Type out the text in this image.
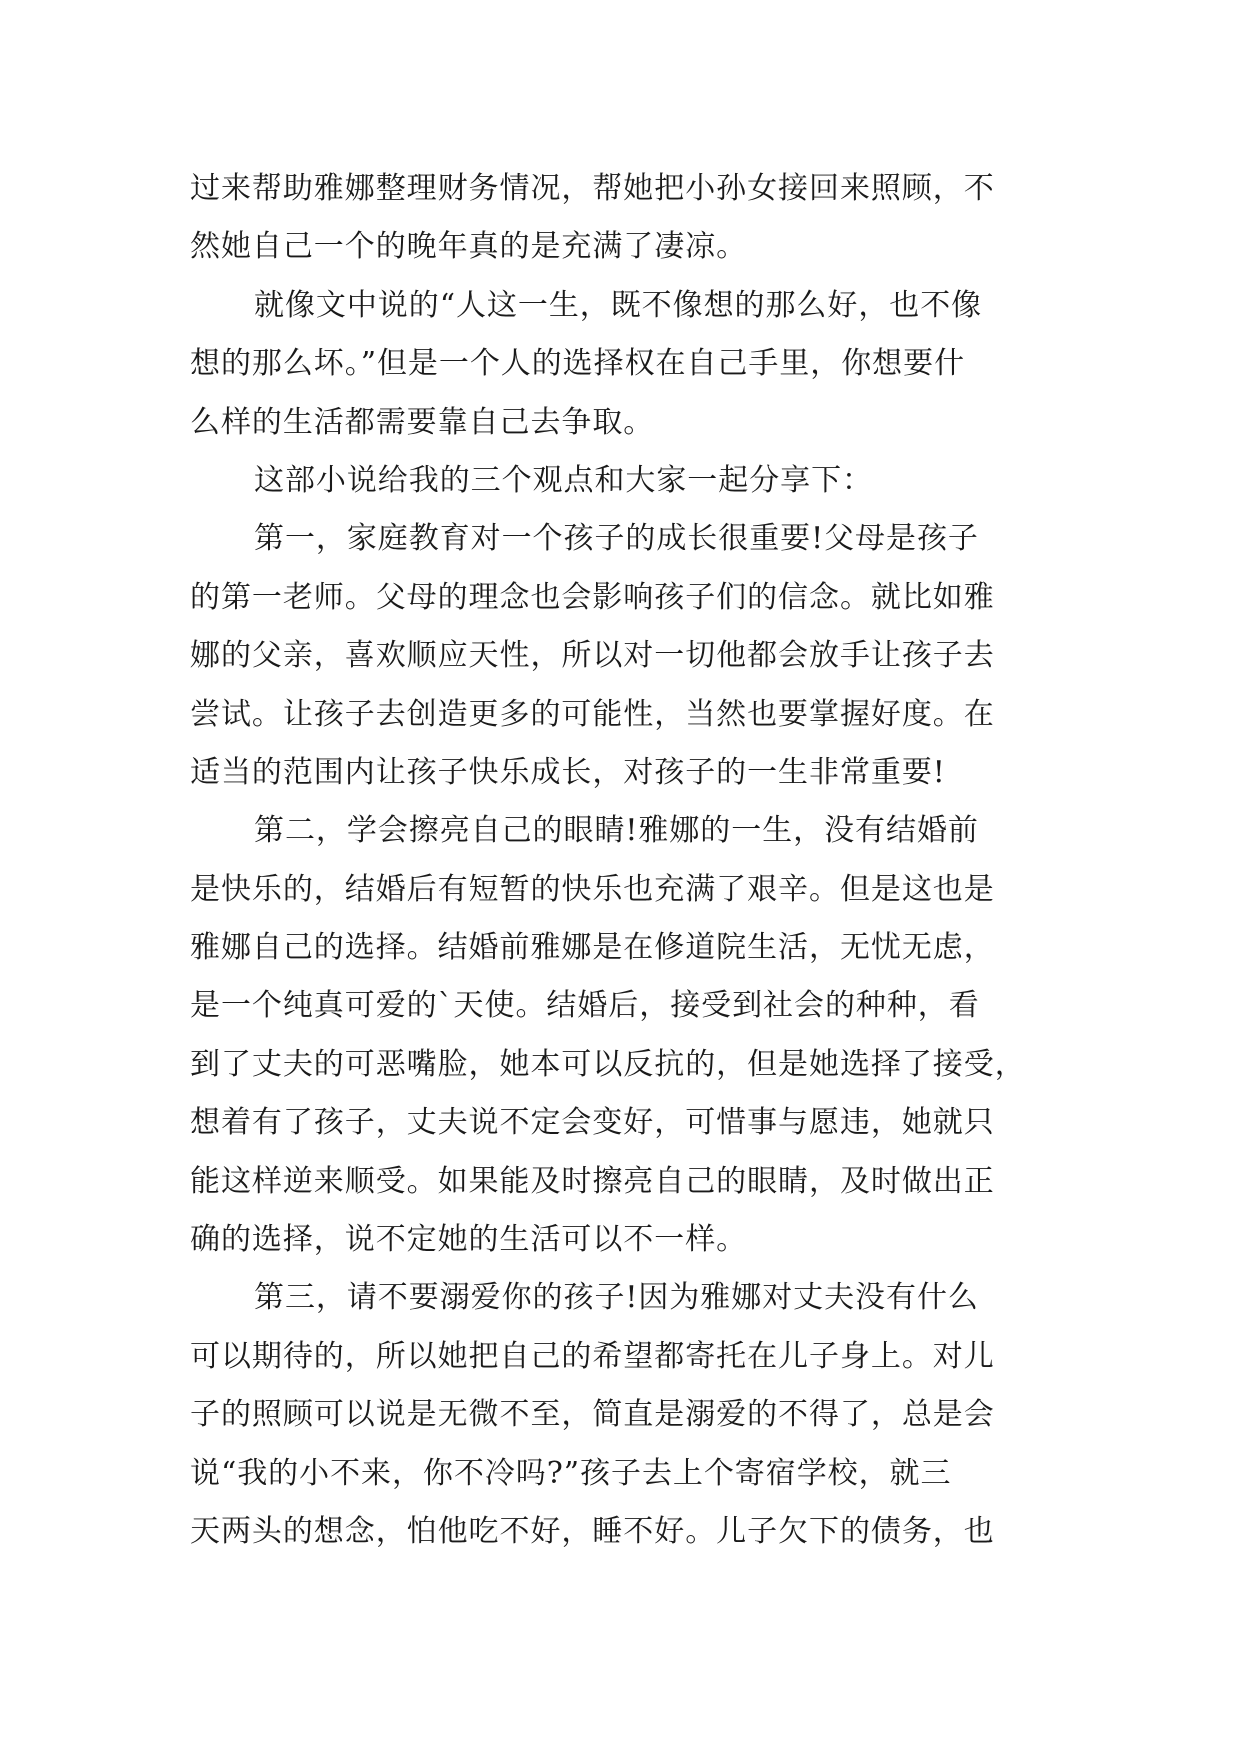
过来帮助雅娜整理财务情况，帮她把小孙女接回来照顾，不
然她自己一个的晚年真的是充满了凄凉。
就像文中说的“人这一生，既不像想的那么好，也不像
想的那么坏。”但是一个人的选择权在自己手里，你想要什
么样的生活都需要靠自己去争取。
这部小说给我的三个观点和大家一起分享下：
第一，家庭教育对一个孩子的成长很重要!父母是孩子
的第一老师。父母的理念也会影响孩子们的信念。就比如雅
娜的父亲，喜欢顺应天性，所以对一切他都会放手让孩子去
尝试。让孩子去创造更多的可能性，当然也要掌握好度。在
适当的范围内让孩子快乐成长，对孩子的一生非常重要!
第二，学会擦亮自己的眼睛!雅娜的一生，没有结婚前
是快乐的，结婚后有短暂的快乐也充满了艰辛。但是这也是
雅娜自己的选择。结婚前雅娜是在修道院生活，无忧无虑，
是一个纯真可爱的`天使。结婚后，接受到社会的种种，看
到了丈夫的可恶嘴脸，她本可以反抗的，但是她选择了接受，
想着有了孩子，丈夫说不定会变好，可惜事与愿违，她就只
能这样逆来顺受。如果能及时擦亮自己的眼睛，及时做出正
确的选择，说不定她的生活可以不一样。
第三，请不要溺爱你的孩子!因为雅娜对丈夫没有什么
可以期待的，所以她把自己的希望都寄托在儿子身上。对儿
子的照顾可以说是无微不至，简直是溺爱的不得了，总是会
说“我的小不来，你不冷吗?”孩子去上个寄宿学校，就三
天两头的想念，怕他吃不好，睡不好。儿子欠下的债务，也
